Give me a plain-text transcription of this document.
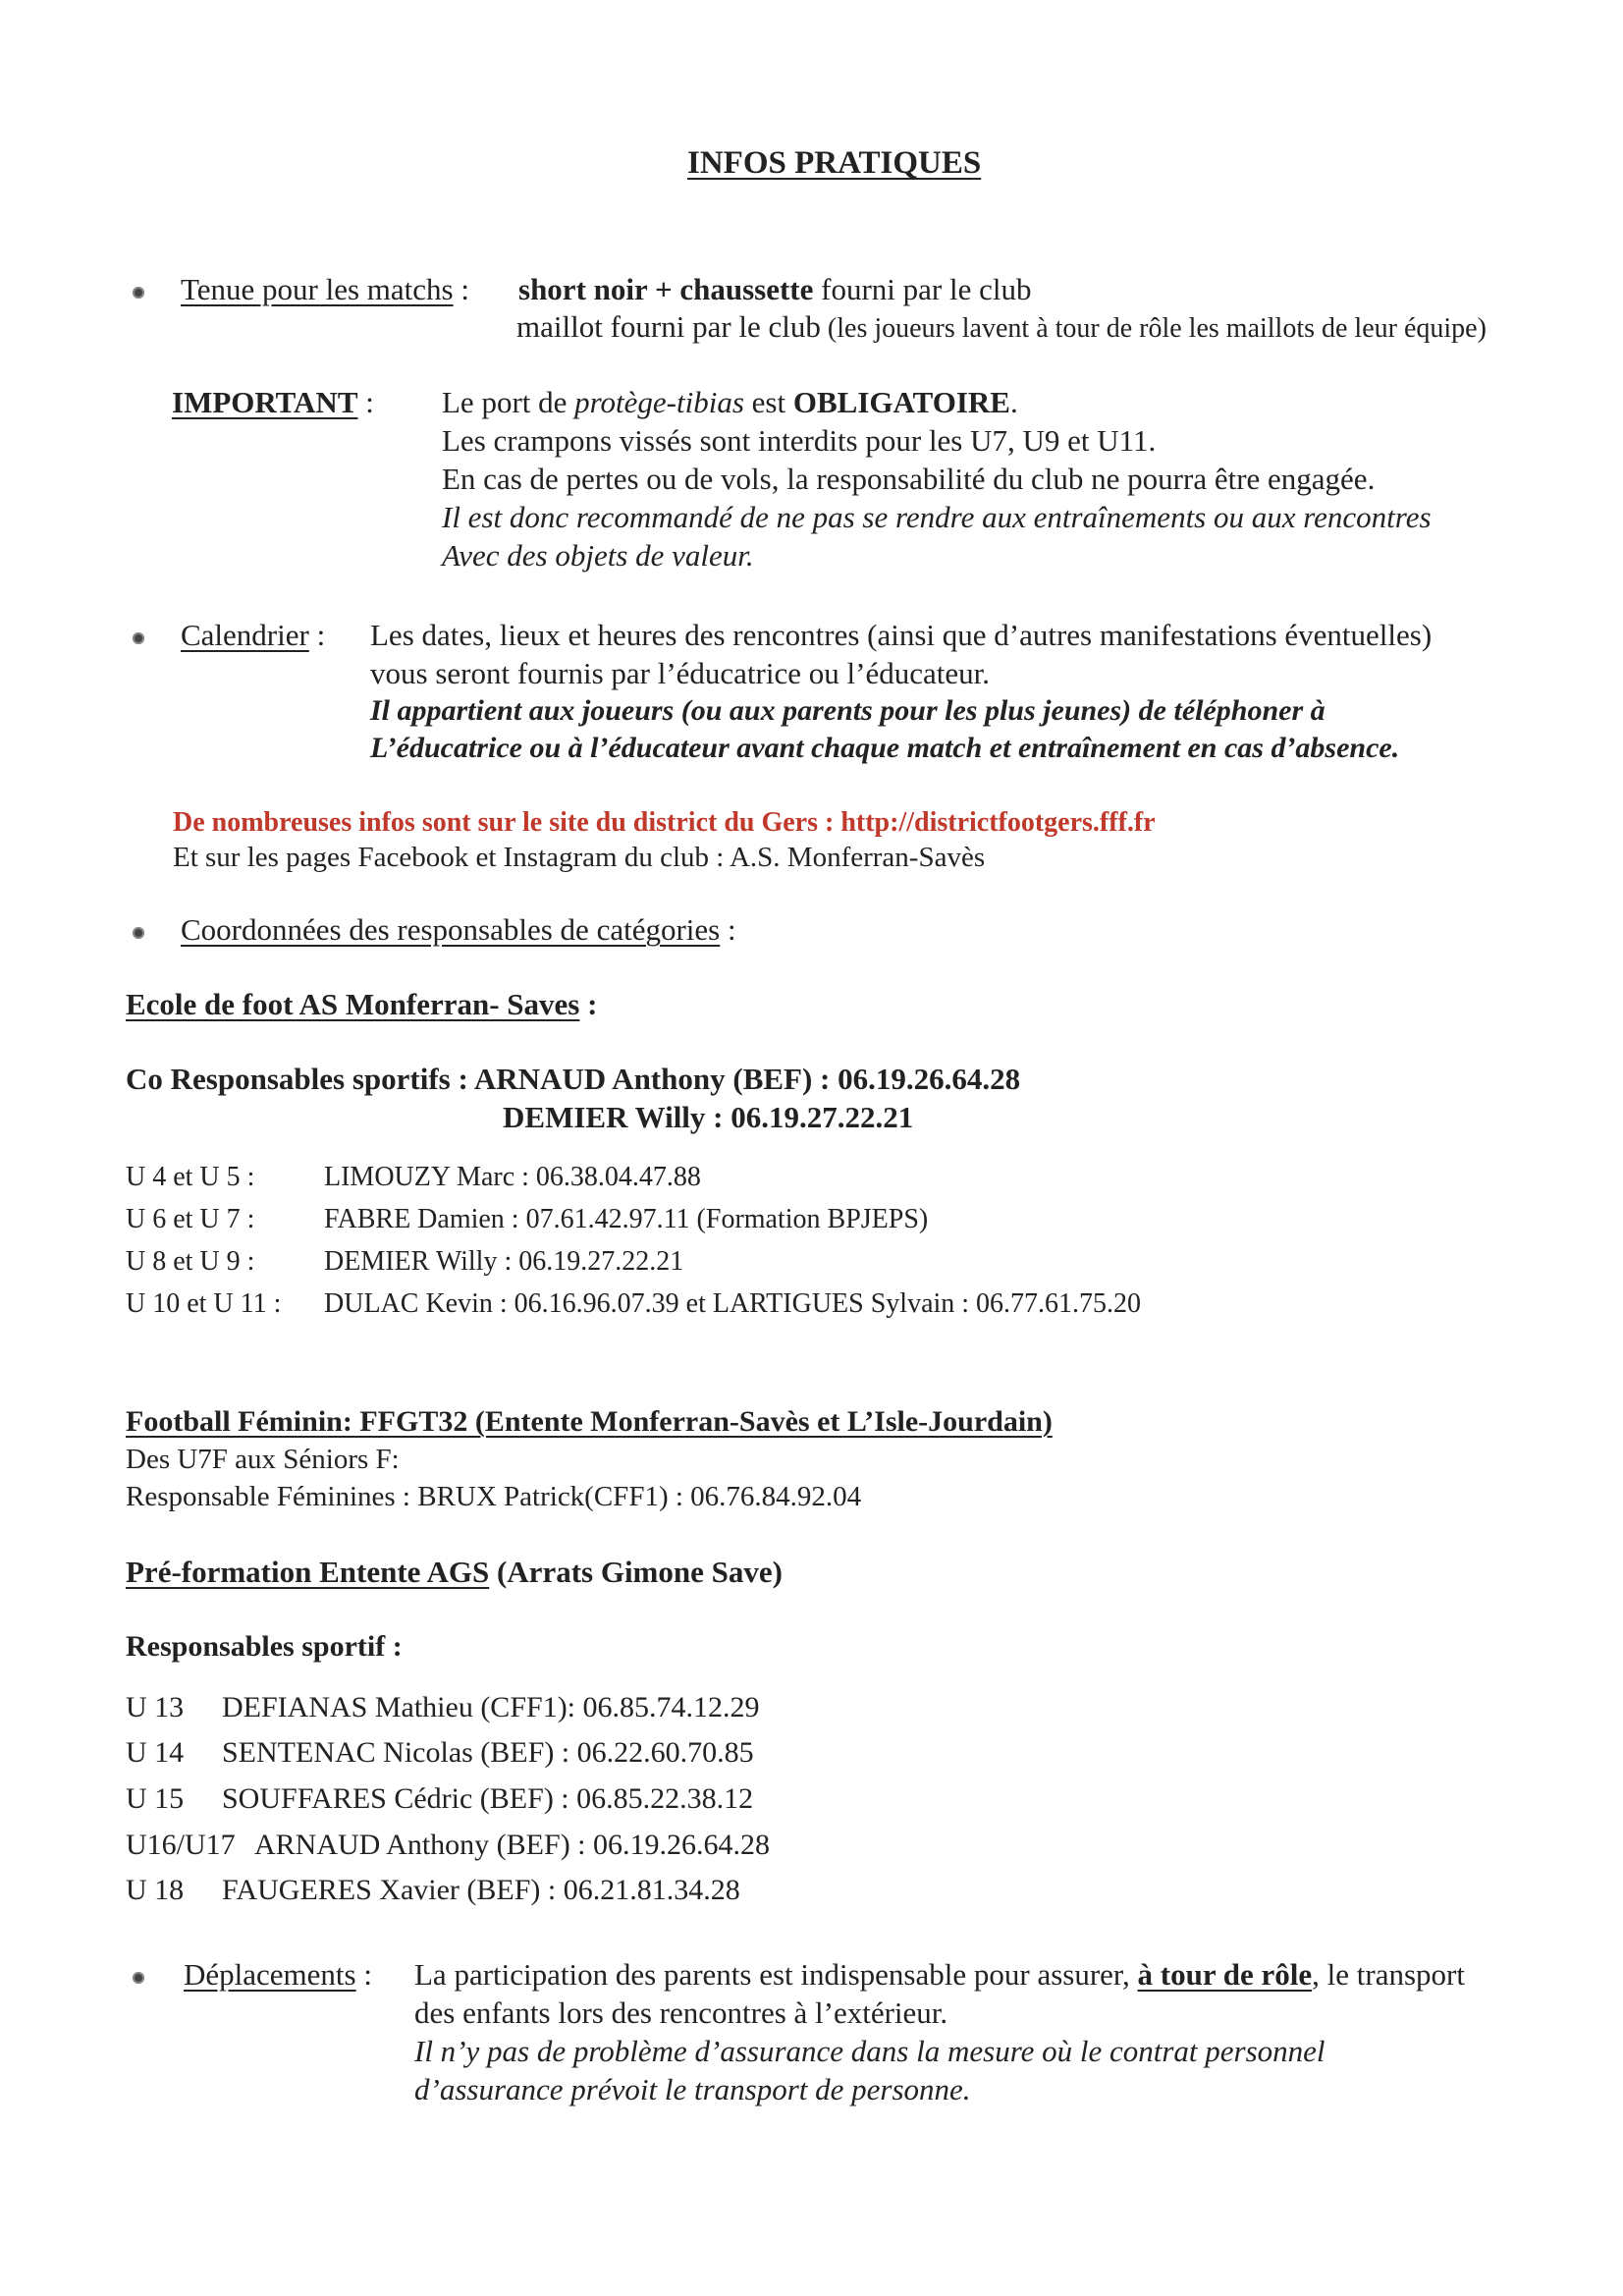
INFOS PRATIQUES
Tenue pour les matchs : short noir + chaussette fourni par le club
maillot fourni par le club (les joueurs lavent à tour de rôle les maillots de leur équipe)
IMPORTANT : Le port de protège-tibias est OBLIGATOIRE.
Les crampons vissés sont interdits pour les U7, U9 et U11.
En cas de pertes ou de vols, la responsabilité du club ne pourra être engagée.
Il est donc recommandé de ne pas se rendre aux entraînements ou aux rencontres
Avec des objets de valeur.
Calendrier : Les dates, lieux et heures des rencontres (ainsi que d’autres manifestations éventuelles)
vous seront fournis par l’éducatrice ou l’éducateur.
Il appartient aux joueurs (ou aux parents pour les plus jeunes) de téléphoner à
L’éducatrice ou à l’éducateur avant chaque match et entraînement en cas d’absence.
De nombreuses infos sont sur le site du district du Gers : http://districtfootgers.fff.fr
Et sur les pages Facebook et Instagram du club : A.S. Monferran-Savès
Coordonnées des responsables de catégories :
Ecole de foot AS Monferran- Saves :
Co Responsables sportifs : ARNAUD Anthony (BEF) : 06.19.26.64.28
DEMIER Willy : 06.19.27.22.21
U 4 et U 5 :	LIMOUZY Marc : 06.38.04.47.88
U 6 et U 7 :	FABRE Damien : 07.61.42.97.11 (Formation BPJEPS)
U 8 et U 9 :	DEMIER Willy : 06.19.27.22.21
U 10 et U 11 : DULAC Kevin : 06.16.96.07.39 et LARTIGUES Sylvain : 06.77.61.75.20
Football Féminin: FFGT32 (Entente Monferran-Savès et L’Isle-Jourdain)
Des U7F aux Séniors F:
Responsable Féminines : BRUX Patrick(CFF1) : 06.76.84.92.04
Pré-formation Entente AGS (Arrats Gimone Save)
Responsables sportif :
U 13 DEFIANAS Mathieu (CFF1): 06.85.74.12.29
U 14 SENTENAC Nicolas (BEF) : 06.22.60.70.85
U 15 SOUFFARES Cédric (BEF) : 06.85.22.38.12
U16/U17 ARNAUD Anthony (BEF) : 06.19.26.64.28
U 18 FAUGERES Xavier (BEF) : 06.21.81.34.28
Déplacements : La participation des parents est indispensable pour assurer, à tour de rôle, le transport
des enfants lors des rencontres à l’extérieur.
Il n’y pas de problème d’assurance dans la mesure où le contrat personnel
d’assurance prévoit le transport de personne.
